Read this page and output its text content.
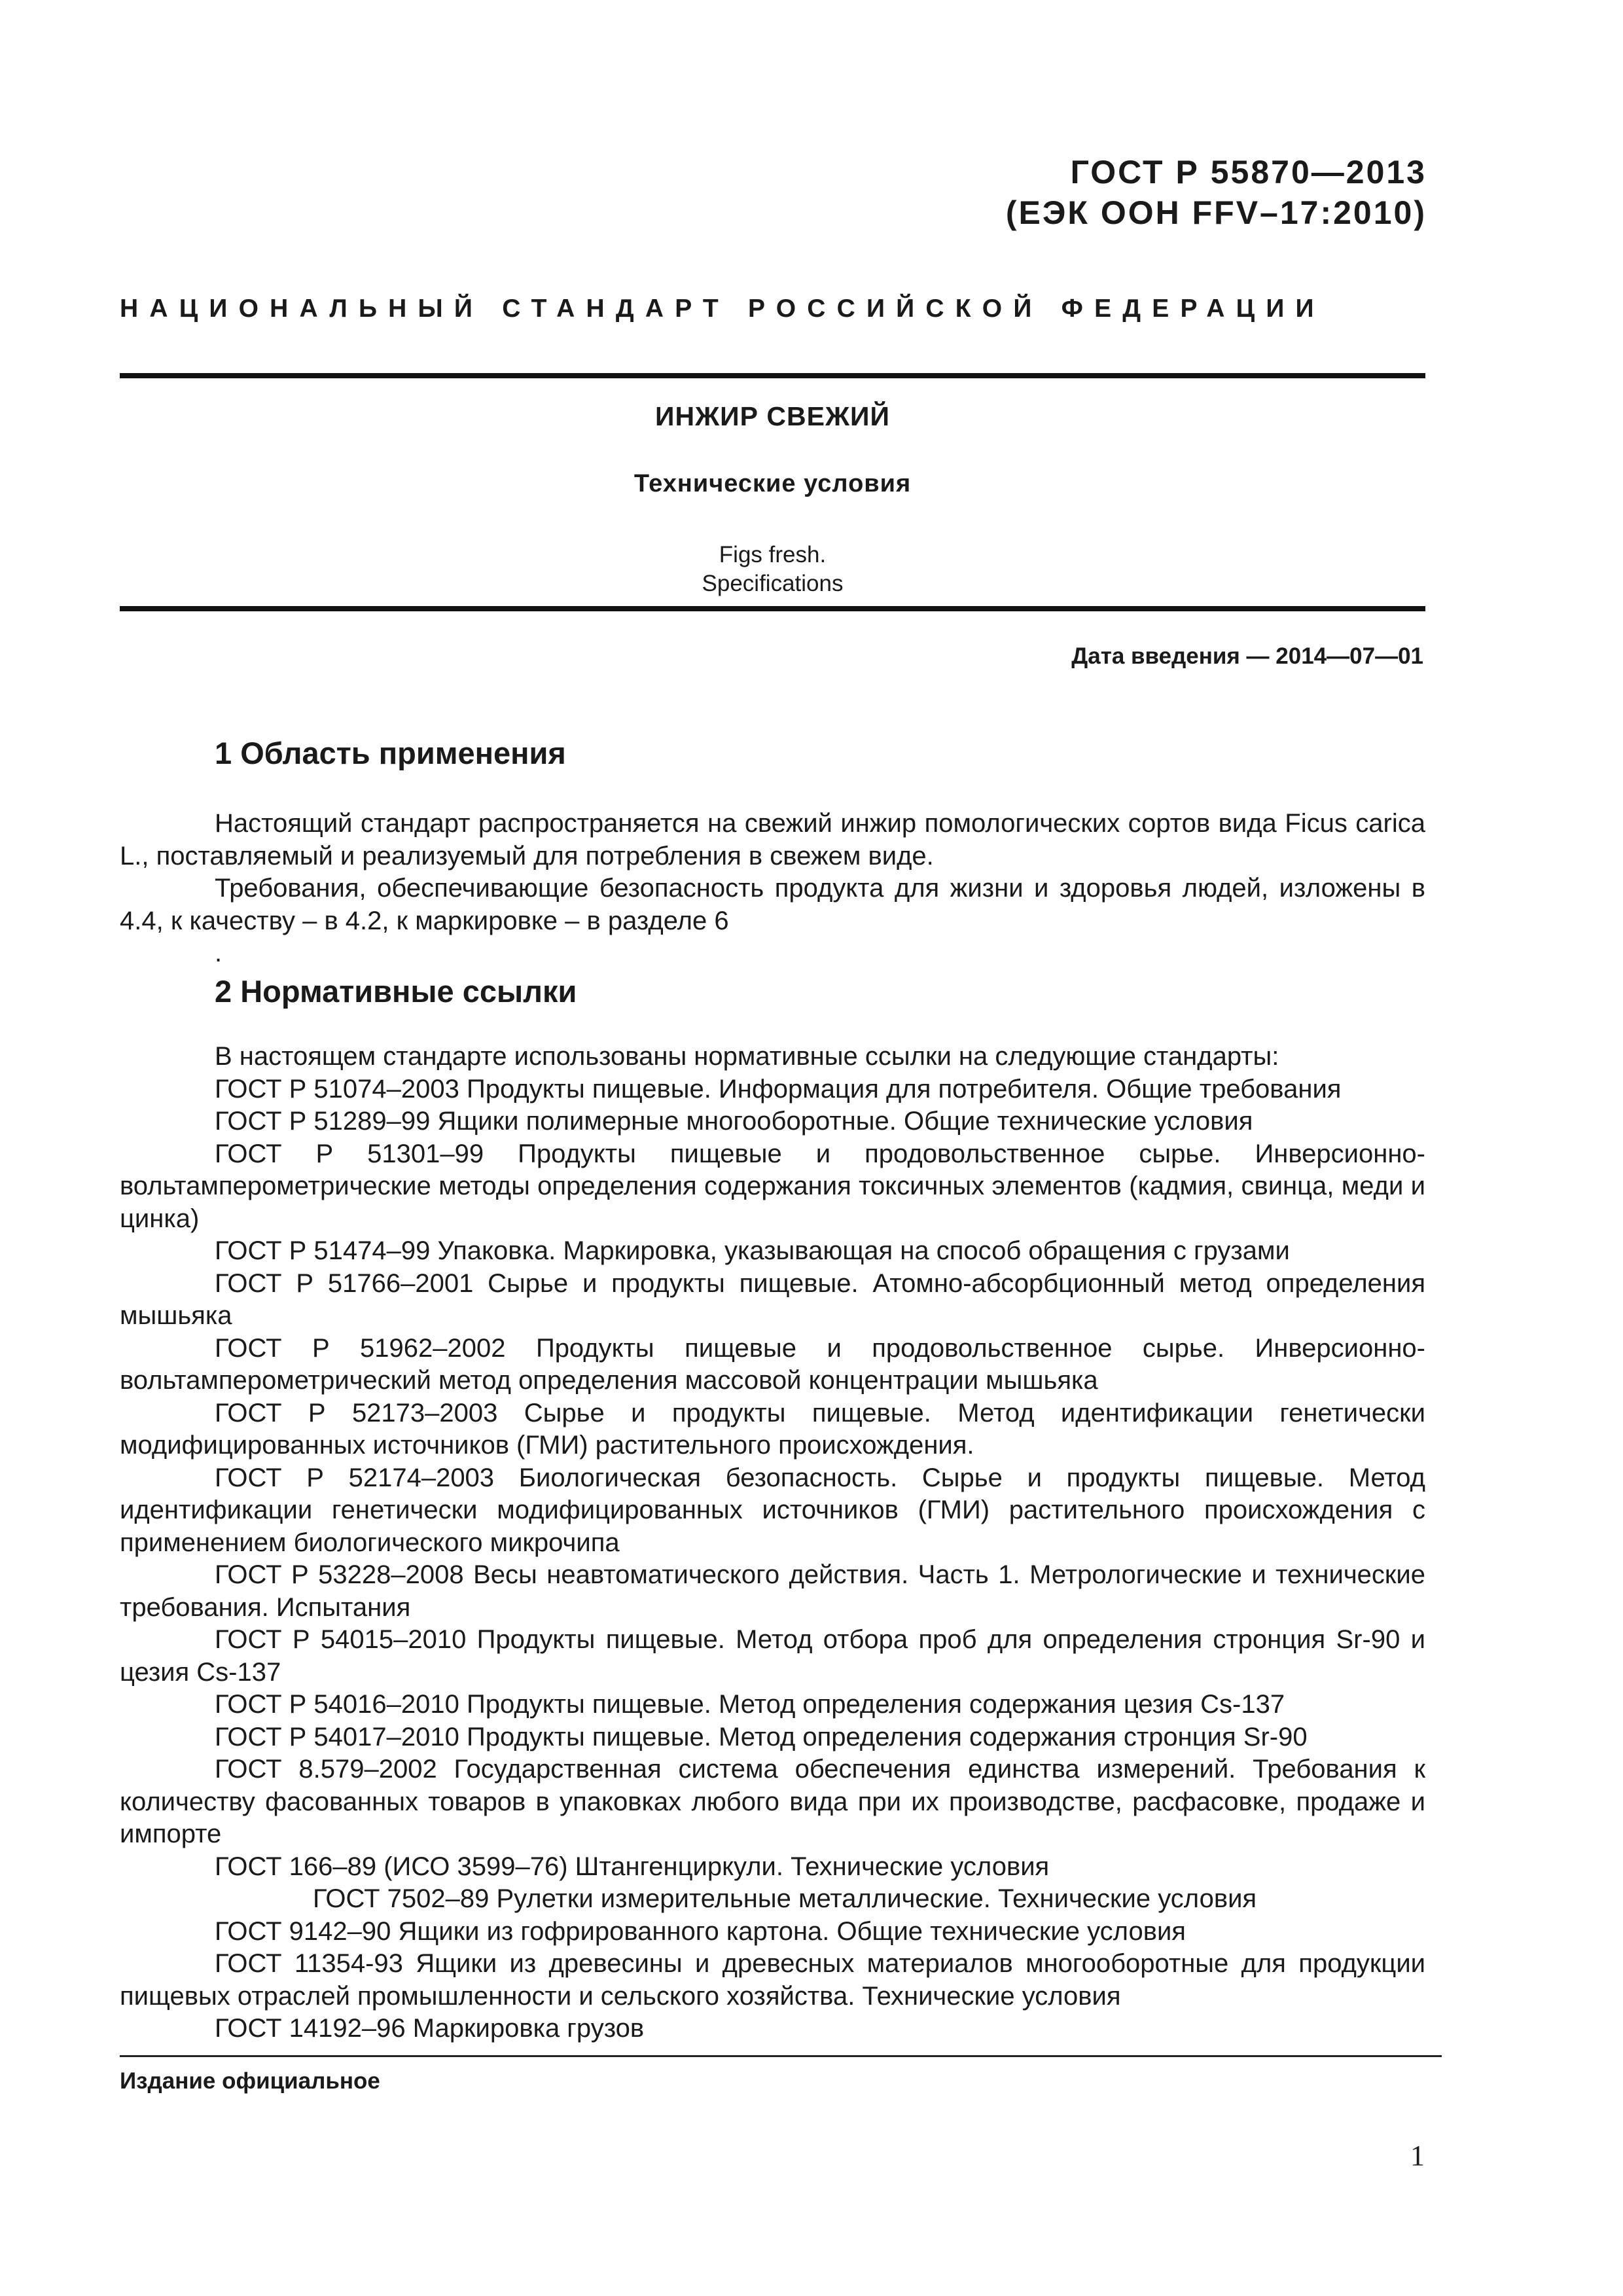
ГОСТ Р 55870—2013
(ЕЭК ООН FFV–17:2010)
НАЦИОНАЛЬНЫЙ СТАНДАРТ РОССИЙСКОЙ ФЕДЕРАЦИИ
ИНЖИР СВЕЖИЙ
Технические условия
Figs fresh.
Specifications
Дата введения — 2014—07—01
1 Область применения

Настоящий стандарт распространяется на свежий инжир помологических сортов вида Ficus carica L., поставляемый и реализуемый для потребления в свежем виде.

Требования, обеспечивающие безопасность продукта для жизни и здоровья людей, изложены в 4.4, к качеству – в 4.2, к маркировке – в разделе 6

.

2 Нормативные ссылки

В настоящем стандарте использованы нормативные ссылки на следующие стандарты:

ГОСТ Р 51074–2003 Продукты пищевые. Информация для потребителя. Общие требования

ГОСТ Р 51289–99 Ящики полимерные многооборотные. Общие технические условия

ГОСТ Р 51301–99 Продукты пищевые и продовольственное сырье. Инверсионно-вольтамперометрические методы определения содержания токсичных элементов (кадмия, свинца, меди и цинка)

ГОСТ Р 51474–99 Упаковка. Маркировка, указывающая на способ обращения с грузами

ГОСТ Р 51766–2001 Сырье и продукты пищевые. Атомно-абсорбционный метод определения мышьяка

ГОСТ Р 51962–2002 Продукты пищевые и продовольственное сырье. Инверсионно-вольтамперометрический метод определения массовой концентрации мышьяка

ГОСТ Р 52173–2003 Сырье и продукты пищевые. Метод идентификации генетически модифицированных источников (ГМИ) растительного происхождения.

ГОСТ Р 52174–2003 Биологическая безопасность. Сырье и продукты пищевые. Метод идентификации генетически модифицированных источников (ГМИ) растительного происхождения с применением биологического микрочипа

ГОСТ Р 53228–2008 Весы неавтоматического действия. Часть 1. Метрологические и технические требования. Испытания

ГОСТ Р 54015–2010 Продукты пищевые. Метод отбора проб для определения стронция Sr-90 и цезия Cs-137

ГОСТ Р 54016–2010 Продукты пищевые. Метод определения содержания цезия Cs-137

ГОСТ Р 54017–2010 Продукты пищевые. Метод определения содержания стронция Sr-90

ГОСТ 8.579–2002 Государственная система обеспечения единства измерений. Требования к количеству фасованных товаров в упаковках любого вида при их производстве, расфасовке, продаже и импорте

ГОСТ 166–89 (ИСО 3599–76) Штангенциркули. Технические условия

ГОСТ 7502–89 Рулетки измерительные металлические. Технические условия

ГОСТ 9142–90 Ящики из гофрированного картона. Общие технические условия

ГОСТ 11354-93 Ящики из древесины и древесных материалов многооборотные для продукции пищевых отраслей промышленности и сельского хозяйства. Технические условия

ГОСТ 14192–96 Маркировка грузов

Издание официальное
1
